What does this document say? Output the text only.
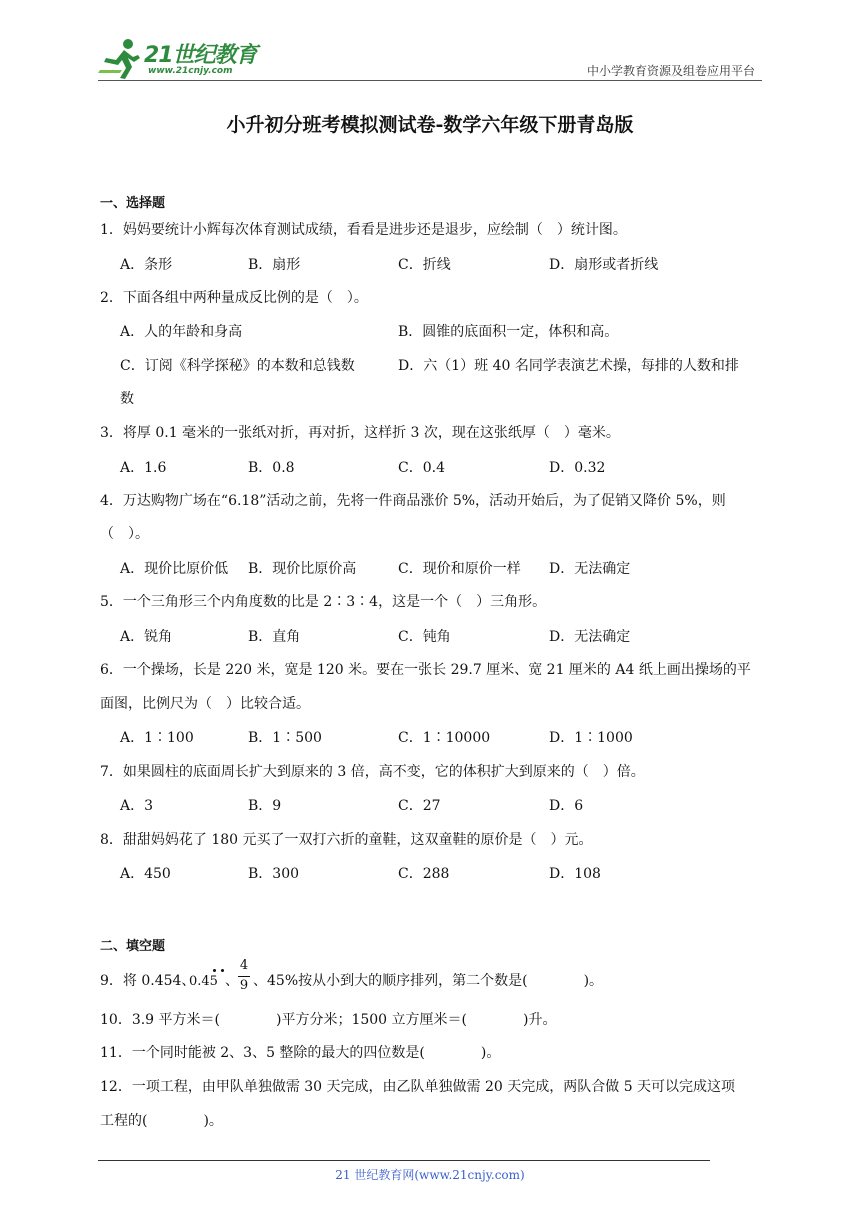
21世纪教育
www.21cnjy.com	中小学教育资源及组卷应用平台
小升初分班考模拟测试卷-数学六年级下册青岛版
一、选择题
1．妈妈要统计小辉每次体育测试成绩，看看是进步还是退步，应绘制（　）统计图。
A．条形	B．扇形	C．折线	D．扇形或者折线
2．下面各组中两种量成反比例的是（　）。
A．人的年龄和身高	B．圆锥的底面积一定，体积和高。
C．订阅《科学探秘》的本数和总钱数	D．六（1）班 40 名同学表演艺术操，每排的人数和排
数
3．将厚 0.1 毫米的一张纸对折，再对折，这样折 3 次，现在这张纸厚（　）毫米。
A．1.6	B．0.8	C．0.4	D．0.32
4．万达购物广场在“6.18”活动之前，先将一件商品涨价 5%，活动开始后，为了促销又降价 5%，则
（　）。
A．现价比原价低 B．现价比原价高	C．现价和原价一样 D．无法确定
5．一个三角形三个内角度数的比是 2∶3∶4，这是一个（　）三角形。
A．锐角	B．直角	C．钝角	D．无法确定
6．一个操场，长是 220 米，宽是 120 米。要在一张长 29.7 厘米、宽 21 厘米的 A4 纸上画出操场的平
面图，比例尺为（　）比较合适。
A．1∶100	B．1∶500	C．1∶10000	D．1∶1000
7．如果圆柱的底面周长扩大到原来的 3 倍，高不变，它的体积扩大到原来的（　）倍。
A．3	B．9	C．27	D．6
8．甜甜妈妈花了 180 元买了一双打六折的童鞋，这双童鞋的原价是（　）元。
A．450	B．300	C．288	D．108
二、填空题
9．将 0.454、
0.45 、
4
9 、45%按从小到大的顺序排列，第二个数是(　　　　)。
10．3.9 平方米＝(　　　　)平方分米；1500 立方厘米＝(　　　　)升。
11．一个同时能被 2、3、5 整除的最大的四位数是(　　　　)。
12．一项工程，由甲队单独做需 30 天完成，由乙队单独做需 20 天完成，两队合做 5 天可以完成这项
工程的(　　　　)。
21 世纪教育网(www.21cnjy.com)
